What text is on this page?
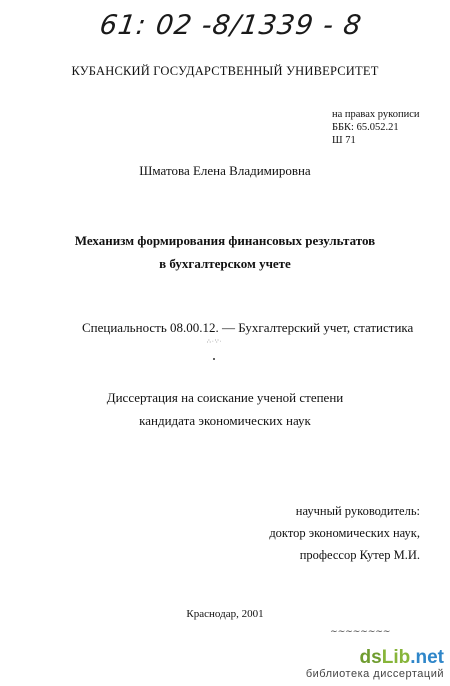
61: 02 -8/1339 - 8
КУБАНСКИЙ ГОСУДАРСТВЕННЫЙ УНИВЕРСИТЕТ
на правах рукописи
ББК: 65.052.21
Ш 71
Шматова Елена Владимировна
Механизм формирования финансовых результатов
в бухгалтерском учете
Специальность 08.00.12. — Бухгалтерский учет, статистика
∴·∵·
Диссертация на соискание ученой степени
кандидата экономических наук
научный руководитель:
доктор экономических наук,
профессор Кутер М.И.
Краснодар, 2001
~~~~~~~~
dsLib.net
библиотека диссертаций
